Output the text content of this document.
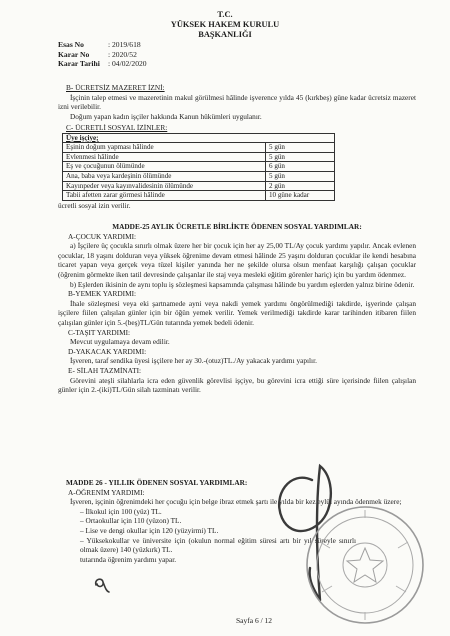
T.C.
YÜKSEK HAKEM KURULU
BAŞKANLIĞI
Esas No	: 2019/618
Karar No	: 2020/52
Karar Tarihi	: 04/02/2020
B- ÜCRETSİZ MAZERET İZNİ:
İşçinin talep etmesi ve mazeretinin makul görülmesi hâlinde işverence yılda 45 (kırkbeş) güne kadar ücretsiz mazeret izni verilebilir.
Doğum yapan kadın işçiler hakkında Kanun hükümleri uygulanır.
C- ÜCRETLİ SOSYAL İZİNLER:
Üye işçiye;	
Eşinin doğum yapması hâlinde	5 gün
Evlenmesi hâlinde	5 gün
Eş ve çocuğunun ölümünde	6 gün
Ana, baba veya kardeşinin ölümünde	5 gün
Kayınpeder veya kayınvalidesinin ölümünde	2 gün
Tabii afetten zarar görmesi hâlinde	10 güne kadar
ücretli sosyal izin verilir.
MADDE-25 AYLIK ÜCRETLE BİRLİKTE ÖDENEN SOSYAL YARDIMLAR:
A-ÇOCUK YARDIMI:
a) İşçilere üç çocukla sınırlı olmak üzere her bir çocuk için her ay 25,00 TL/Ay çocuk yardımı yapılır. Ancak evlenen çocuklar, 18 yaşını dolduran veya yüksek öğrenime devam etmesi hâlinde 25 yaşını dolduran çocuklar ile kendi hesabına ticaret yapan veya gerçek veya tüzel kişiler yanında her ne şekilde olursa olsun menfaat karşılığı çalışan çocuklar (öğrenim görmekte iken tatil devresinde çalışanlar ile staj veya mesleki eğitim görenler hariç) için bu yardım ödenmez.
b) Eşlerden ikisinin de aynı toplu iş sözleşmesi kapsamında çalışması hâlinde bu yardım eşlerden yalnız birine ödenir.
B-YEMEK YARDIMI:
İhale sözleşmesi veya eki şartnamede ayni veya nakdi yemek yardımı öngörülmediği takdirde, işyerinde çalışan işçilere fiilen çalışılan günler için bir öğün yemek verilir. Yemek verilmediği takdirde karar tarihinden itibaren fiilen çalışılan günler için 5.-(beş)TL/Gün tutarında yemek bedeli ödenir.
C-TAŞIT YARDIMI:
Mevcut uygulamaya devam edilir.
D-YAKACAK YARDIMI:
İşveren, taraf sendika üyesi işçilere her ay 30.-(otuz)TL./Ay yakacak yardımı yapılır.
E- SİLAH TAZMİNATI:
Görevini ateşli silahlarla icra eden güvenlik görevlisi işçiye, bu görevini icra ettiği süre içerisinde fiilen çalışılan günler için 2.-(iki)TL/Gün silah tazminatı verilir.
MADDE 26 - YILLIK ÖDENEN SOSYAL YARDIMLAR:
A-ÖĞRENİM YARDIMI:
İşveren, işçinin öğrenimdeki her çocuğu için belge ibraz etmek şartı ile yılda bir kez eylül ayında ödenmek üzere;
– İlkokul için 100 (yüz) TL.
– Ortaokullar için 110 (yüzon) TL.
– Lise ve dengi okullar için 120 (yüzyirmi) TL.
– Yüksekokullar ve üniversite için (okulun normal eğitim süresi artı bir yıl süreyle sınırlı olmak üzere) 140 (yüzkırk) TL.
tutarında öğrenim yardımı yapar.
Sayfa 6 / 12
